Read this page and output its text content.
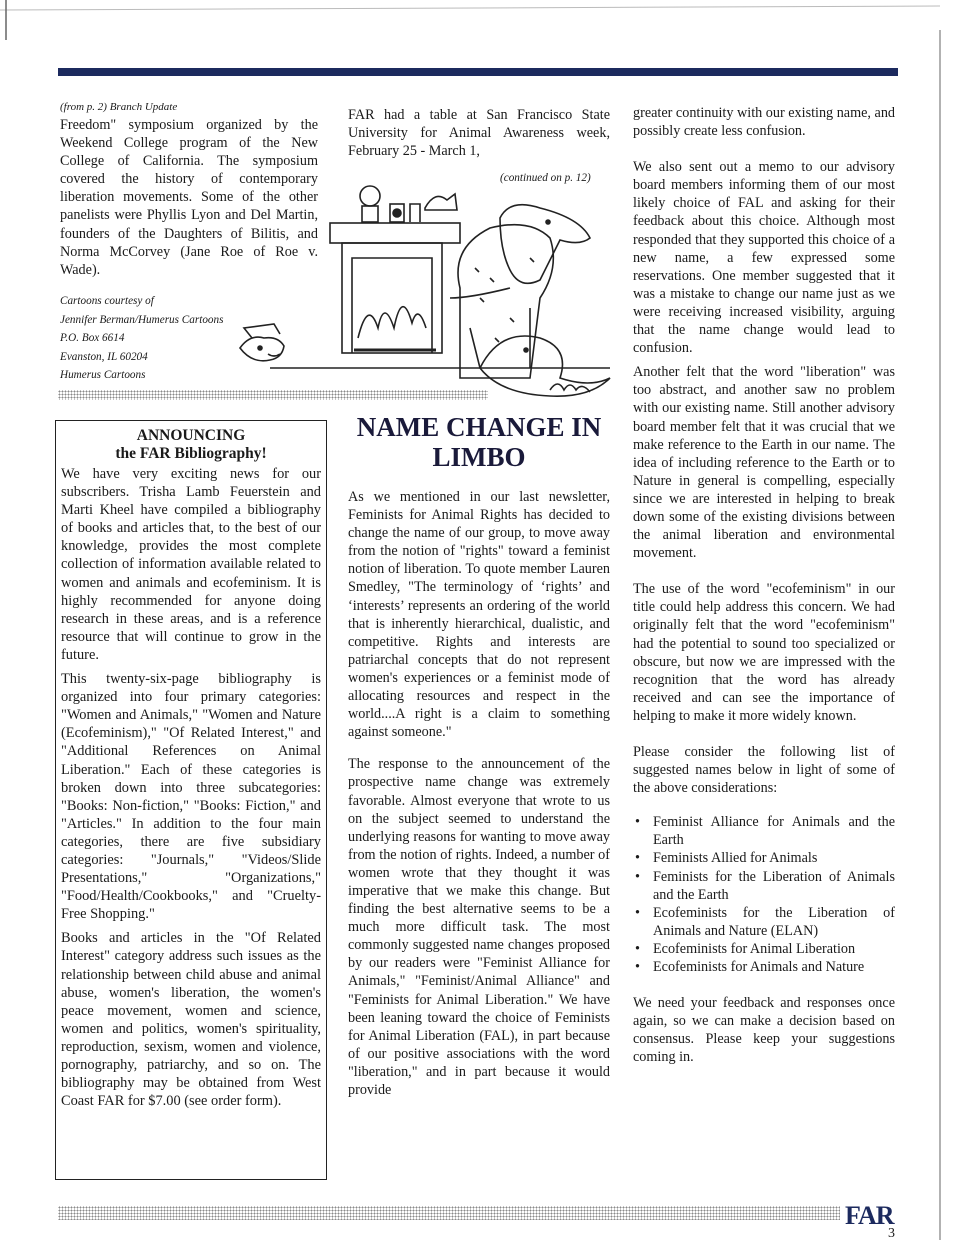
(from p. 2) Branch Update

Freedom" symposium organized by the Weekend College program of the New College of California. The symposium covered the history of contemporary liberation movements. Some of the other panelists were Phyllis Lyon and Del Martin, founders of the Daughters of Bilitis, and Norma McCorvey (Jane Roe of Roe v. Wade).

Cartoons courtesy of
Jennifer Berman/Humerus Cartoons
P.O. Box 6614
Evanston, IL 60204
Humerus Cartoons

FAR had a table at San Francisco State University for Animal Awareness week, February 25 - March 1,

(continued on p. 12)
ANNOUNCING
the FAR Bibliography!

We have very exciting news for our subscribers. Trisha Lamb Feuerstein and Marti Kheel have compiled a bibliography of books and articles that, to the best of our knowledge, provides the most complete collection of information available related to women and animals and ecofeminism. It is highly recommended for anyone doing research in these areas, and is a reference resource that will continue to grow in the future.

This twenty-six-page bibliography is organized into four primary categories: "Women and Animals," "Women and Nature (Ecofeminism)," "Of Related Interest," and "Additional References on Animal Liberation." Each of these categories is broken down into three subcategories: "Books: Non-fiction," "Books: Fiction," and "Articles." In addition to the four main categories, there are five subsidiary categories: "Journals," "Videos/Slide Presentations," "Organizations," "Food/Health/Cookbooks," and "Cruelty-Free Shopping."

Books and articles in the "Of Related Interest" category address such issues as the relationship between child abuse and animal abuse, women's liberation, the women's peace movement, women and science, women and politics, women's spirituality, reproduction, sexism, women and violence, pornography, patriarchy, and so on. The bibliography may be obtained from West Coast FAR for $7.00 (see order form).

NAME CHANGE IN LIMBO

As we mentioned in our last newsletter, Feminists for Animal Rights has decided to change the name of our group, to move away from the notion of "rights" toward a feminist notion of liberation. To quote member Lauren Smedley, "The terminology of ‘rights’ and ‘interests’ represents an ordering of the world that is inherently hierarchical, dualistic, and competitive. Rights and interests are patriarchal concepts that do not represent women's experiences or a feminist mode of allocating resources and respect in the world....A right is a claim to something against someone."

The response to the announcement of the prospective name change was extremely favorable. Almost everyone that wrote to us on the subject seemed to understand the underlying reasons for wanting to move away from the notion of rights. Indeed, a number of women wrote that they thought it was imperative that we make this change. But finding the best alternative seems to be a much more difficult task. The most commonly suggested name changes proposed by our readers were "Feminist Alliance for Animals," "Feminist/Animal Alliance" and "Feminists for Animal Liberation." We have been leaning toward the choice of Feminists for Animal Liberation (FAL), in part because of our positive associations with the word "liberation," and in part because it would provide

greater continuity with our existing name, and possibly create less confusion.

We also sent out a memo to our advisory board members informing them of our most likely choice of FAL and asking for their feedback about this choice. Although most responded that they supported this choice of a new name, a few expressed some reservations. One member suggested that it was a mistake to change our name just as we were receiving increased visibility, arguing that the name change would lead to confusion.

Another felt that the word "liberation" was too abstract, and another saw no problem with our existing name. Still another advisory board member felt that it was crucial that we make reference to the Earth in our name. The idea of including reference to the Earth or to Nature in general is compelling, especially since we are interested in helping to break down some of the existing divisions between the animal liberation and environmental movement.

The use of the word "ecofeminism" in our title could help address this concern. We had originally felt that the word "ecofeminism" had the potential to sound too specialized or obscure, but now we are impressed with the recognition that the word has already received and can see the importance of helping to make it more widely known.

Please consider the following list of suggested names below in light of some of the above considerations:

• Feminist Alliance for Animals and the Earth
• Feminists Allied for Animals
• Feminists for the Liberation of Animals and the Earth
• Ecofeminists for the Liberation of Animals and Nature (ELAN)
• Ecofeminists for Animal Liberation
• Ecofeminists for Animals and Nature

We need your feedback and responses once again, so we can make a decision based on consensus. Please keep your suggestions coming in.

FAR
3
